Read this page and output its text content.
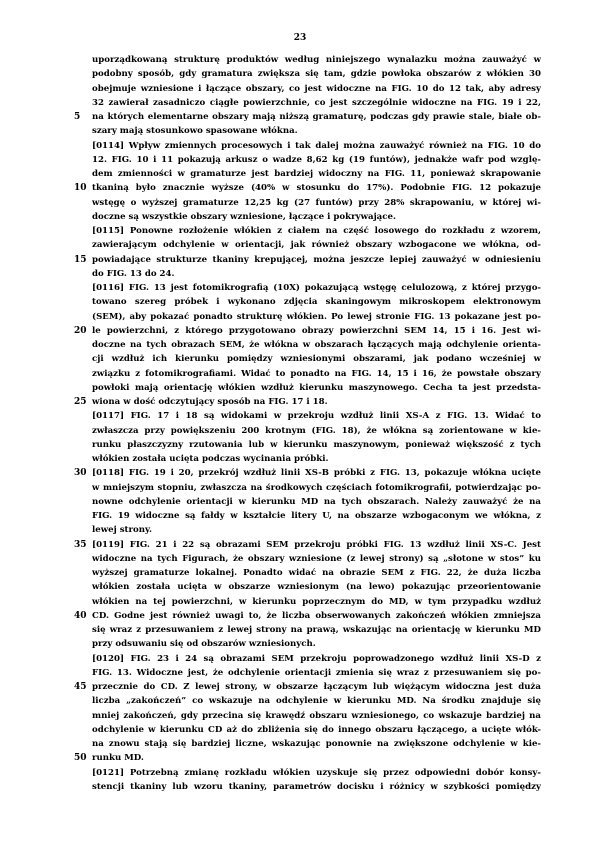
23
5
10
15
20
25
30
35
40
45
50
uporządkowaną strukturę produktów według niniejszego wynalazku można zauważyć w
podobny sposób, gdy gramatura zwiększa się tam, gdzie powłoka obszarów z włókien 30
obejmuje wzniesione i łączące obszary, co jest widoczne na FIG. 10 do 12 tak, aby adresy
32 zawierał zasadniczo ciągłe powierzchnie, co jest szczególnie widoczne na FIG. 19 i 22,
na których elementarne obszary mają niższą gramaturę, podczas gdy prawie stale, białe ob-
szary mają stosunkowo spasowane włókna.
[0114] Wpływ zmiennych procesowych i tak dalej można zauważyć również na FIG. 10 do
12. FIG. 10 i 11 pokazują arkusz o wadze 8,62 kg (19 funtów), jednakże wafr pod wzglę-
dem zmienności w gramaturze jest bardziej widoczny na FIG. 11, ponieważ skrapowanie
tkaniną było znacznie wyższe (40% w stosunku do 17%). Podobnie FIG. 12 pokazuje
wstęgę o wyższej gramaturze 12,25 kg (27 funtów) przy 28% skrapowaniu, w której wi-
doczne są wszystkie obszary wzniesione, łączące i pokrywające.
[0115] Ponowne rozłożenie włókien z ciałem na część losowego do rozkładu z wzorem,
zawierającym odchylenie w orientacji, jak również obszary wzbogacone we włókna, od-
powiadające strukturze tkaniny krepującej, można jeszcze lepiej zauważyć w odniesieniu
do FIG. 13 do 24.
[0116] FIG. 13 jest fotomikrografią (10X) pokazującą wstęgę celulozową, z której przygo-
towano szereg próbek i wykonano zdjęcia skaningowym mikroskopem elektronowym
(SEM), aby pokazać ponadto strukturę włókien. Po lewej stronie FIG. 13 pokazane jest po-
le powierzchni, z którego przygotowano obrazy powierzchni SEM 14, 15 i 16. Jest wi-
doczne na tych obrazach SEM, że włókna w obszarach łączących mają odchylenie orienta-
cji wzdłuż ich kierunku pomiędzy wzniesionymi obszarami, jak podano wcześniej w
związku z fotomikrografiami. Widać to ponadto na FIG. 14, 15 i 16, że powstałe obszary
powłoki mają orientację włókien wzdłuż kierunku maszynowego. Cecha ta jest przedsta-
wiona w dość odczytujący sposób na FIG. 17 i 18.
[0117] FIG. 17 i 18 są widokami w przekroju wzdłuż linii XS-A z FIG. 13. Widać to
zwłaszcza przy powiększeniu 200 krotnym (FIG. 18), że włókna są zorientowane w kie-
runku płaszczyzny rzutowania lub w kierunku maszynowym, ponieważ większość z tych
włókien została ucięta podczas wycinania próbki.
[0118] FIG. 19 i 20, przekrój wzdłuż linii XS-B próbki z FIG. 13, pokazuje włókna ucięte
w mniejszym stopniu, zwłaszcza na środkowych częściach fotomikrografii, potwierdzając po-
nowne odchylenie orientacji w kierunku MD na tych obszarach. Należy zauważyć że na
FIG. 19 widoczne są fałdy w kształcie litery U, na obszarze wzbogaconym we włókna, z
lewej strony.
[0119] FIG. 21 i 22 są obrazami SEM przekroju próbki FIG. 13 wzdłuż linii XS-C. Jest
widoczne na tych Figurach, że obszary wzniesione (z lewej strony) są „słotone w stos” ku
wyższej gramaturze lokalnej. Ponadto widać na obrazie SEM z FIG. 22, że duża liczba
włókien została ucięta w obszarze wzniesionym (na lewo) pokazując przeorientowanie
włókien na tej powierzchni, w kierunku poprzecznym do MD, w tym przypadku wzdłuż
CD. Godne jest również uwagi to, że liczba obserwowanych zakończeń włókien zmniejsza
się wraz z przesuwaniem z lewej strony na prawą, wskazując na orientację w kierunku MD
przy odsuwaniu się od obszarów wzniesionych.
[0120] FIG. 23 i 24 są obrazami SEM przekroju poprowadzonego wzdłuż linii XS-D z
FIG. 13. Widoczne jest, że odchylenie orientacji zmienia się wraz z przesuwaniem się po-
przecznie do CD. Z lewej strony, w obszarze łączącym lub więżącym widoczna jest duża
liczba „zakończeń” co wskazuje na odchylenie w kierunku MD. Na środku znajduje się
mniej zakończeń, gdy przecina się krawędź obszaru wzniesionego, co wskazuje bardziej na
odchylenie w kierunku CD aż do zbliżenia się do innego obszaru łączącego, a ucięte włók-
na znowu stają się bardziej liczne, wskazując ponownie na zwiększone odchylenie w kie-
runku MD.
[0121] Potrzebną zmianę rozkładu włókien uzyskuje się przez odpowiedni dobór konsy-
stencji tkaniny lub wzoru tkaniny, parametrów docisku i różnicy w szybkości pomiędzy
